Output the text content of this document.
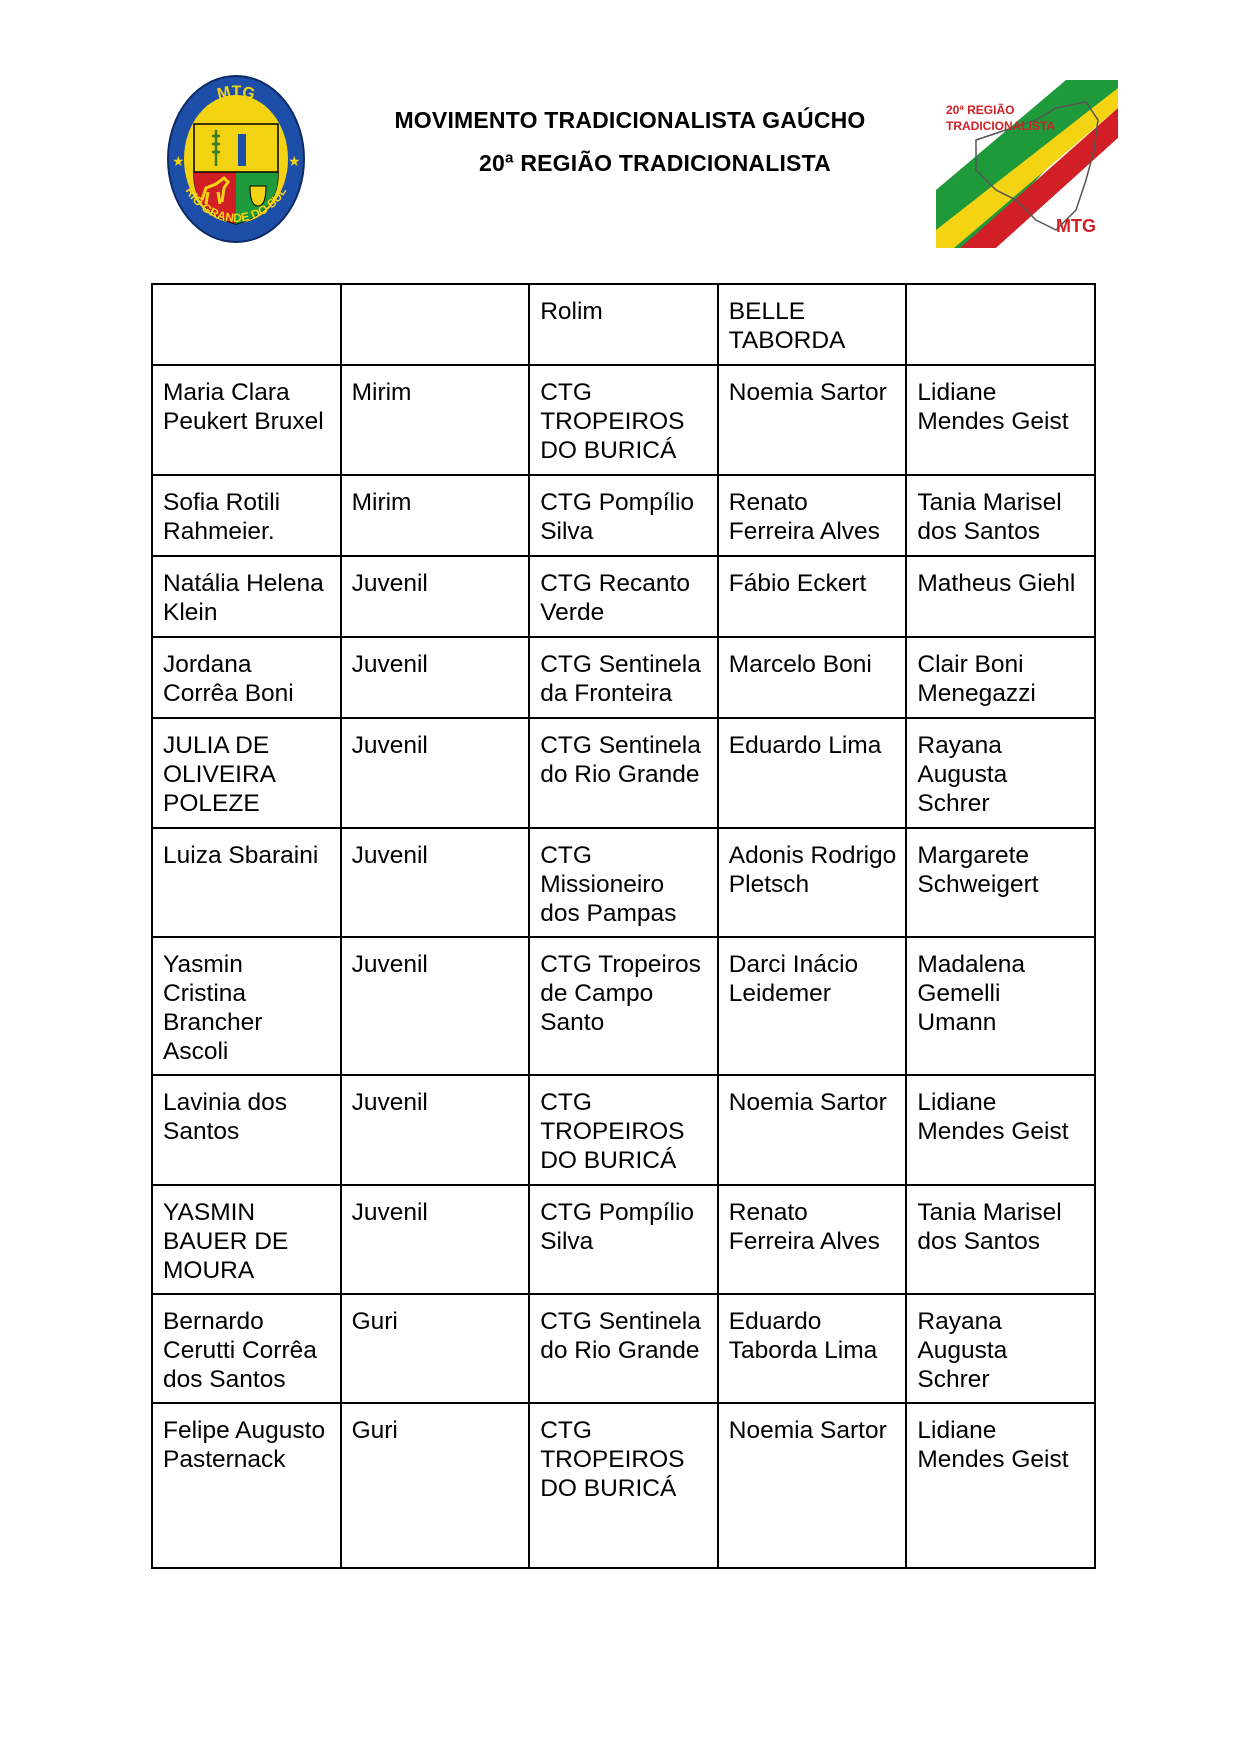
★	★
MTG
RIO GRANDE DO SUL
MOVIMENTO TRADICIONALISTA GAÚCHO
20ª REGIÃO TRADICIONALISTA
20ª REGIÃO
TRADICIONALISTA
MTG
		Rolim	BELLE TABORDA	
Maria Clara Peukert Bruxel	Mirim	CTG TROPEIROS DO BURICÁ	Noemia Sartor	Lidiane Mendes Geist
Sofia Rotili Rahmeier.	Mirim	CTG Pompílio Silva	Renato Ferreira Alves	Tania Marisel dos Santos
Natália Helena Klein	Juvenil	CTG Recanto Verde	Fábio Eckert	Matheus Giehl
Jordana Corrêa Boni	Juvenil	CTG Sentinela da Fronteira	Marcelo Boni	Clair Boni Menegazzi
JULIA DE OLIVEIRA POLEZE	Juvenil	CTG Sentinela do Rio Grande	Eduardo Lima	Rayana Augusta Schrer
Luiza Sbaraini	Juvenil	CTG Missioneiro dos Pampas	Adonis Rodrigo Pletsch	Margarete Schweigert
Yasmin Cristina Brancher Ascoli	Juvenil	CTG Tropeiros de Campo Santo	Darci Inácio Leidemer	Madalena Gemelli Umann
Lavinia dos Santos	Juvenil	CTG TROPEIROS DO BURICÁ	Noemia Sartor	Lidiane Mendes Geist
YASMIN BAUER DE MOURA	Juvenil	CTG Pompílio Silva	Renato Ferreira Alves	Tania Marisel dos Santos
Bernardo Cerutti Corrêa dos Santos	Guri	CTG Sentinela do Rio Grande	Eduardo Taborda Lima	Rayana Augusta Schrer
Felipe Augusto Pasternack	Guri	CTG TROPEIROS DO BURICÁ	Noemia Sartor	Lidiane Mendes Geist
